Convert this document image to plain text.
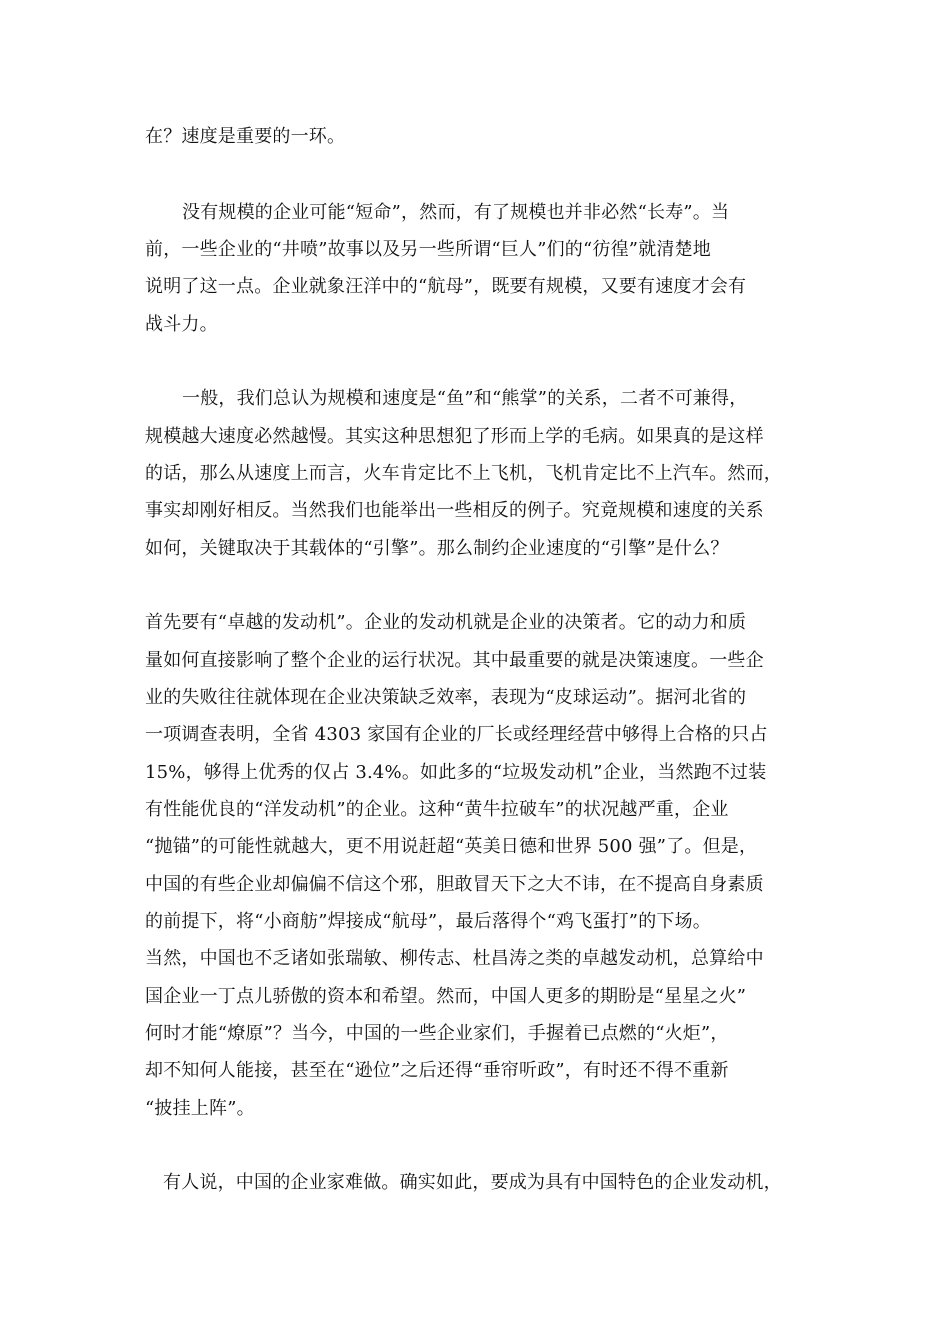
在？速度是重要的一环。

没有规模的企业可能“短命”，然而，有了规模也并非必然“长寿”。当

前，一些企业的“井喷”故事以及另一些所谓“巨人”们的“彷徨”就清楚地

说明了这一点。企业就象汪洋中的“航母”，既要有规模，又要有速度才会有

战斗力。

一般，我们总认为规模和速度是“鱼”和“熊掌”的关系，二者不可兼得，

规模越大速度必然越慢。其实这种思想犯了形而上学的毛病。如果真的是这样

的话，那么从速度上而言，火车肯定比不上飞机，飞机肯定比不上汽车。然而，

事实却刚好相反。当然我们也能举出一些相反的例子。究竟规模和速度的关系

如何，关键取决于其载体的“引擎”。那么制约企业速度的“引擎”是什么？

首先要有“卓越的发动机”。企业的发动机就是企业的决策者。它的动力和质

量如何直接影响了整个企业的运行状况。其中最重要的就是决策速度。一些企

业的失败往往就体现在企业决策缺乏效率，表现为“皮球运动”。据河北省的

一项调查表明，全省 4303 家国有企业的厂长或经理经营中够得上合格的只占

15%，够得上优秀的仅占 3.4%。如此多的“垃圾发动机”企业，当然跑不过装

有性能优良的“洋发动机”的企业。这种“黄牛拉破车”的状况越严重，企业

“抛锚”的可能性就越大，更不用说赶超“英美日德和世界 500 强”了。但是，

中国的有些企业却偏偏不信这个邪，胆敢冒天下之大不讳，在不提高自身素质

的前提下，将“小商舫”焊接成“航母”，最后落得个“鸡飞蛋打”的下场。

当然，中国也不乏诸如张瑞敏、柳传志、杜昌涛之类的卓越发动机，总算给中

国企业一丁点儿骄傲的资本和希望。然而，中国人更多的期盼是“星星之火”

何时才能“燎原”？当今，中国的一些企业家们，手握着已点燃的“火炬”，

却不知何人能接，甚至在“逊位”之后还得“垂帘听政”，有时还不得不重新

“披挂上阵”。

有人说，中国的企业家难做。确实如此，要成为具有中国特色的企业发动机，
